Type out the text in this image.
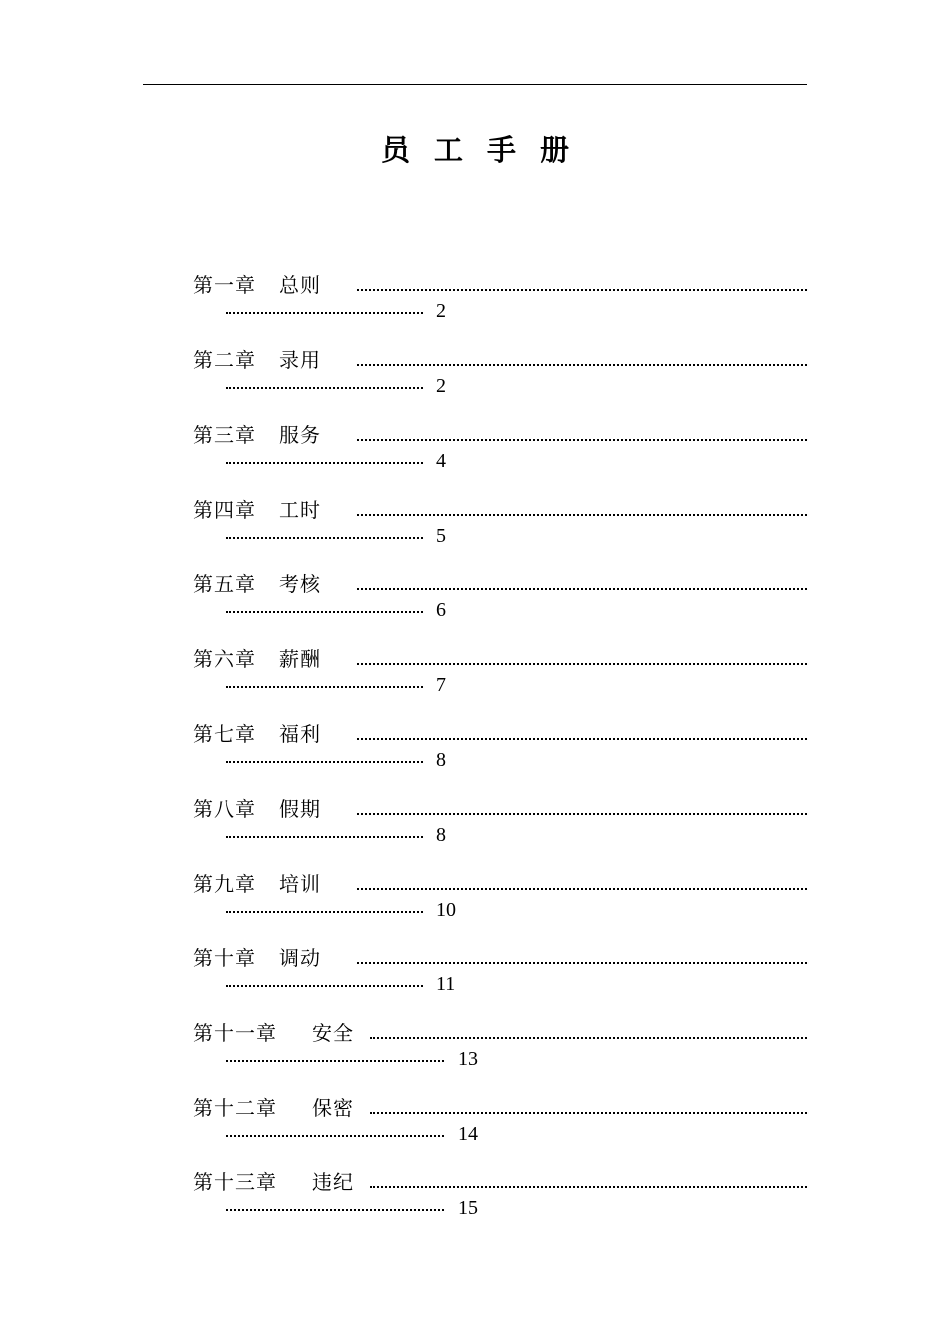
员工手册
第一章 总则
2
第二章 录用
2
第三章 服务
4
第四章 工时
5
第五章 考核
6
第六章 薪酬
7
第七章 福利
8
第八章 假期
8
第九章 培训
10
第十章 调动
11
第十一章 安全
13
第十二章 保密
14
第十三章 违纪
15
